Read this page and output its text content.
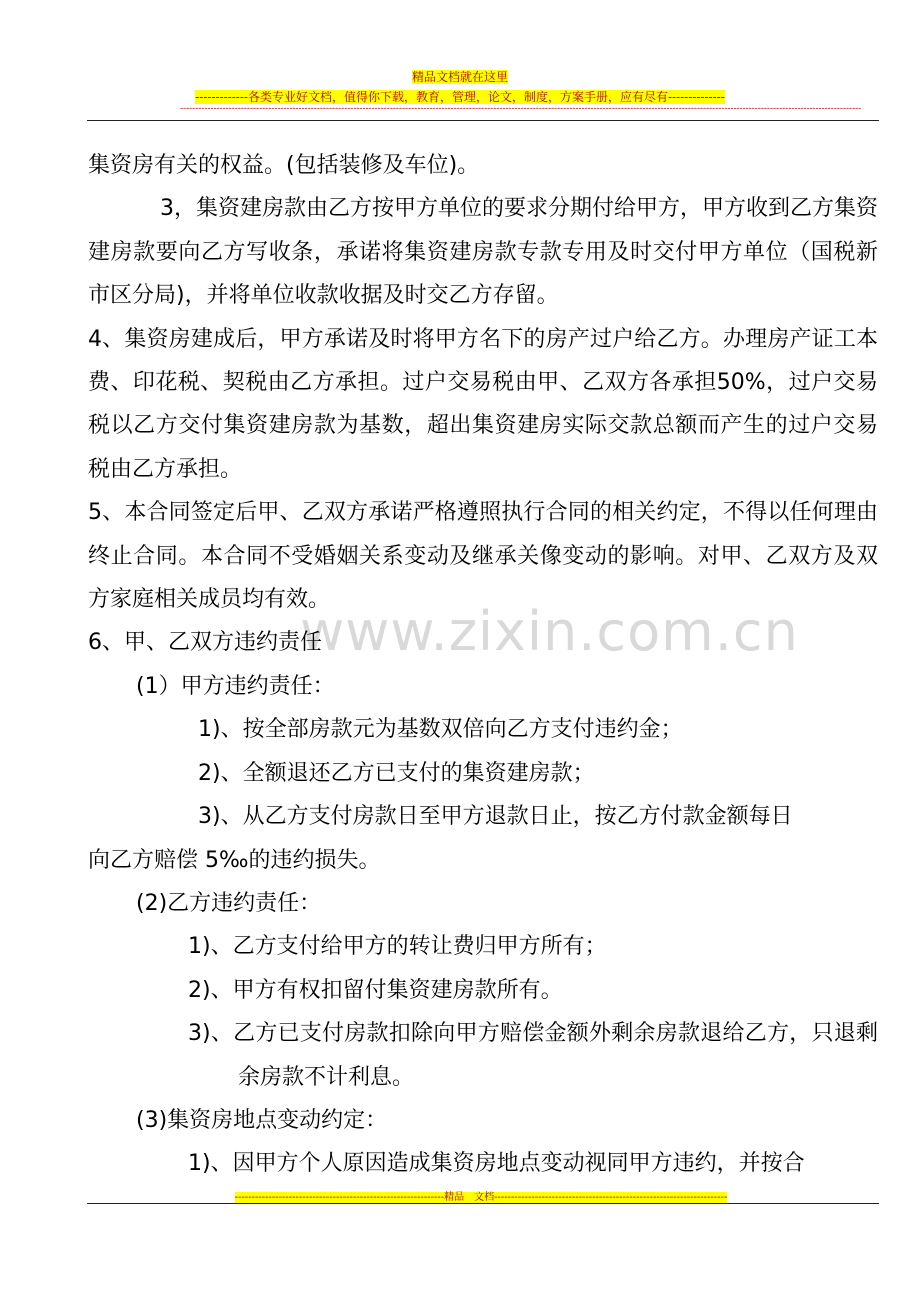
精品文档就在这里
-------------各类专业好文档，值得你下载，教育，管理，论文，制度，方案手册，应有尽有--------------
--------------------------------------------------------------------------------------------------------------------------------------------------------------------------------------------------------------------------------
www.zixin.com.cn

集资房有关的权益。(包括装修及车位)。

3，集资建房款由乙方按甲方单位的要求分期付给甲方，甲方收到乙方集资建房款要向乙方写收条，承诺将集资建房款专款专用及时交付甲方单位（国税新市区分局)，并将单位收款收据及时交乙方存留。

4、集资房建成后，甲方承诺及时将甲方名下的房产过户给乙方。办理房产证工本费、印花税、契税由乙方承担。过户交易税由甲、乙双方各承担50%，过户交易税以乙方交付集资建房款为基数，超出集资建房实际交款总额而产生的过户交易税由乙方承担。

5、本合同签定后甲、乙双方承诺严格遵照执行合同的相关约定，不得以任何理由终止合同。本合同不受婚姻关系变动及继承关像变动的影响。对甲、乙双方及双方家庭相关成员均有效。

6、甲、乙双方违约责任

(1）甲方违约责任：

1)、按全部房款元为基数双倍向乙方支付违约金；

2)、全额退还乙方已支付的集资建房款；

3)、从乙方支付房款日至甲方退款日止，按乙方付款金额每日

向乙方赔偿 5‰的违约损失。

(2)乙方违约责任：

1)、乙方支付给甲方的转让费归甲方所有；

2)、甲方有权扣留付集资建房款所有。

3)、乙方已支付房款扣除向甲方赔偿金额外剩余房款退给乙方，只退剩余房款不计利息。

(3)集资房地点变动约定：

1)、因甲方个人原因造成集资房地点变动视同甲方违约，并按合

--------------------------------------------------------------精品　文档---------------------------------------------------------------------
